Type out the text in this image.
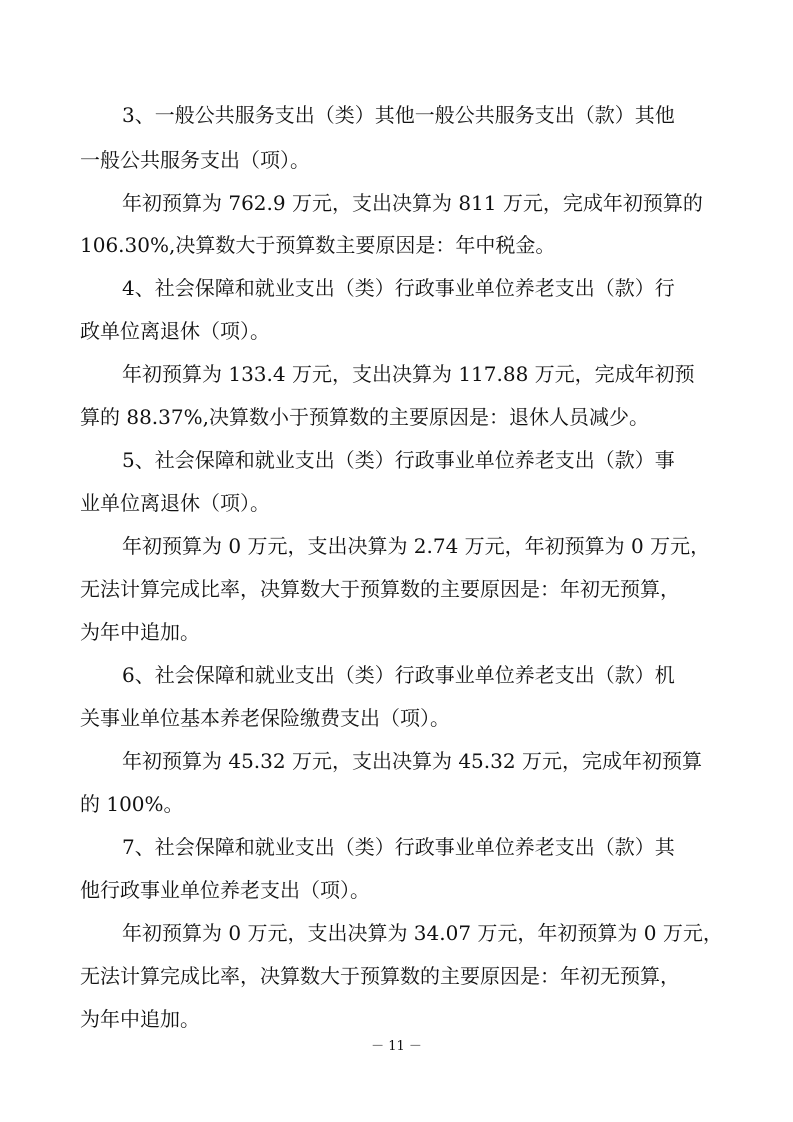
3、一般公共服务支出（类）其他一般公共服务支出（款）其他
一般公共服务支出（项）。
年初预算为 762.9 万元，支出决算为 811 万元，完成年初预算的
106.30%,决算数大于预算数主要原因是：年中税金。
4、社会保障和就业支出（类）行政事业单位养老支出（款）行
政单位离退休（项）。
年初预算为 133.4 万元，支出决算为 117.88 万元，完成年初预
算的 88.37%,决算数小于预算数的主要原因是：退休人员减少。
5、社会保障和就业支出（类）行政事业单位养老支出（款）事
业单位离退休（项）。
年初预算为 0 万元，支出决算为 2.74 万元，年初预算为 0 万元，
无法计算完成比率，决算数大于预算数的主要原因是：年初无预算，
为年中追加。
6、社会保障和就业支出（类）行政事业单位养老支出（款）机
关事业单位基本养老保险缴费支出（项）。
年初预算为 45.32 万元，支出决算为 45.32 万元，完成年初预算
的 100%。
7、社会保障和就业支出（类）行政事业单位养老支出（款）其
他行政事业单位养老支出（项）。
年初预算为 0 万元，支出决算为 34.07 万元，年初预算为 0 万元，
无法计算完成比率，决算数大于预算数的主要原因是：年初无预算，
为年中追加。
－ 11 －
